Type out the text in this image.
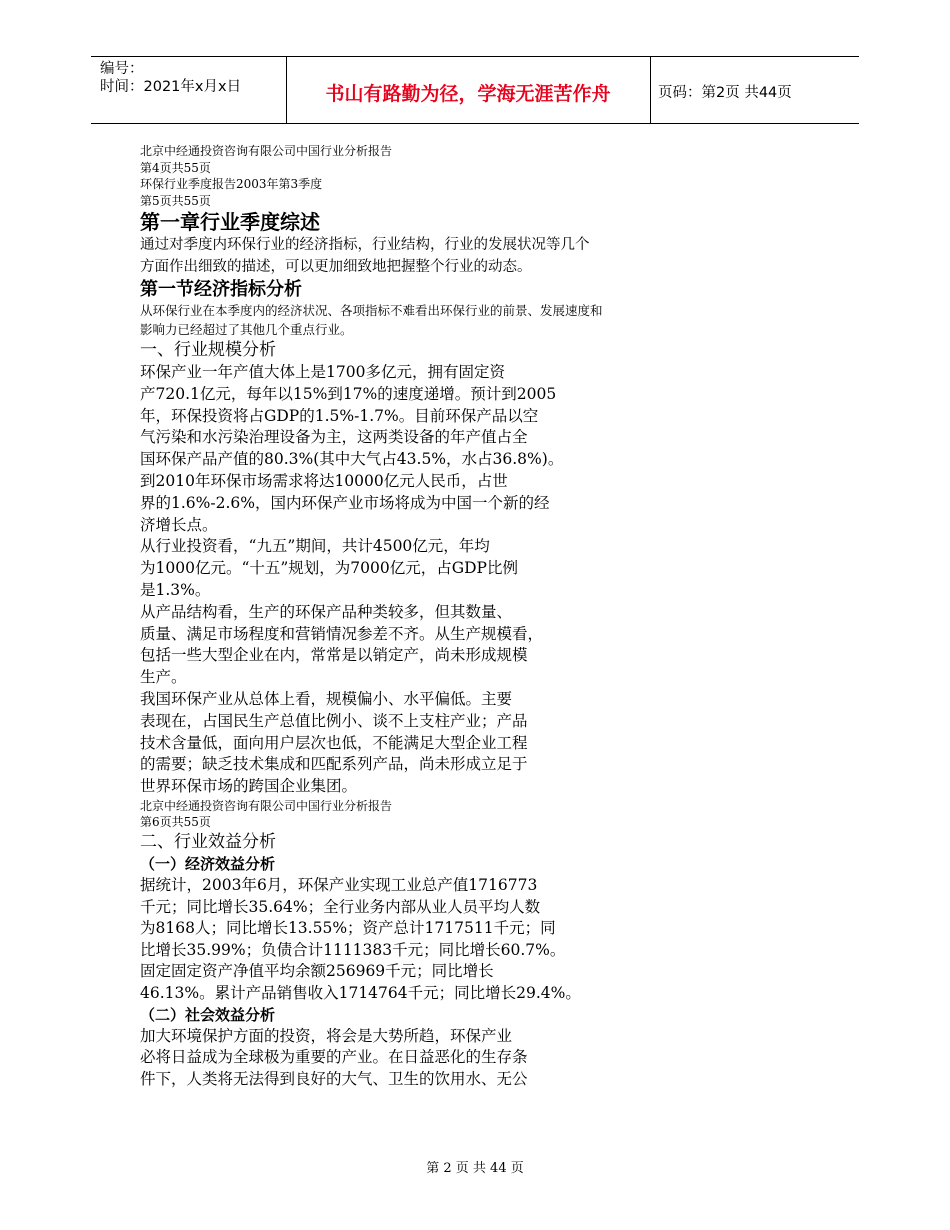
编号：
时间：2021年x月x日	书山有路勤为径，学海无涯苦作舟	页码：第2页 共44页

北京中经通投资咨询有限公司中国行业分析报告

第4页共55页

环保行业季度报告2003年第3季度

第5页共55页

第一章行业季度综述

通过对季度内环保行业的经济指标，行业结构，行业的发展状况等几个

方面作出细致的描述，可以更加细致地把握整个行业的动态。

第一节经济指标分析

从环保行业在本季度内的经济状况、各项指标不难看出环保行业的前景、发展速度和

影响力已经超过了其他几个重点行业。

一、行业规模分析

环保产业一年产值大体上是1700多亿元，拥有固定资

产720.1亿元，每年以15%到17%的速度递增。预计到2005

年，环保投资将占GDP的1.5%-1.7%。目前环保产品以空

气污染和水污染治理设备为主，这两类设备的年产值占全

国环保产品产值的80.3%(其中大气占43.5%，水占36.8%)。

到2010年环保市场需求将达10000亿元人民币，占世

界的1.6%-2.6%，国内环保产业市场将成为中国一个新的经

济增长点。

从行业投资看，“九五”期间，共计4500亿元，年均

为1000亿元。“十五”规划，为7000亿元，占GDP比例

是1.3%。

从产品结构看，生产的环保产品种类较多，但其数量、

质量、满足市场程度和营销情况参差不齐。从生产规模看，

包括一些大型企业在内，常常是以销定产，尚未形成规模

生产。

我国环保产业从总体上看，规模偏小、水平偏低。主要

表现在，占国民生产总值比例小、谈不上支柱产业；产品

技术含量低，面向用户层次也低，不能满足大型企业工程

的需要；缺乏技术集成和匹配系列产品，尚未形成立足于

世界环保市场的跨国企业集团。

北京中经通投资咨询有限公司中国行业分析报告

第6页共55页

二、行业效益分析

（一）经济效益分析

据统计，2003年6月，环保产业实现工业总产值1716773

千元；同比增长35.64%；全行业务内部从业人员平均人数

为8168人；同比增长13.55%；资产总计1717511千元；同

比增长35.99%；负债合计1111383千元；同比增长60.7%。

固定固定资产净值平均余额256969千元；同比增长

46.13%。累计产品销售收入1714764千元；同比增长29.4%。

（二）社会效益分析

加大环境保护方面的投资，将会是大势所趋，环保产业

必将日益成为全球极为重要的产业。在日益恶化的生存条

件下，人类将无法得到良好的大气、卫生的饮用水、无公

第 2 页 共 44 页
